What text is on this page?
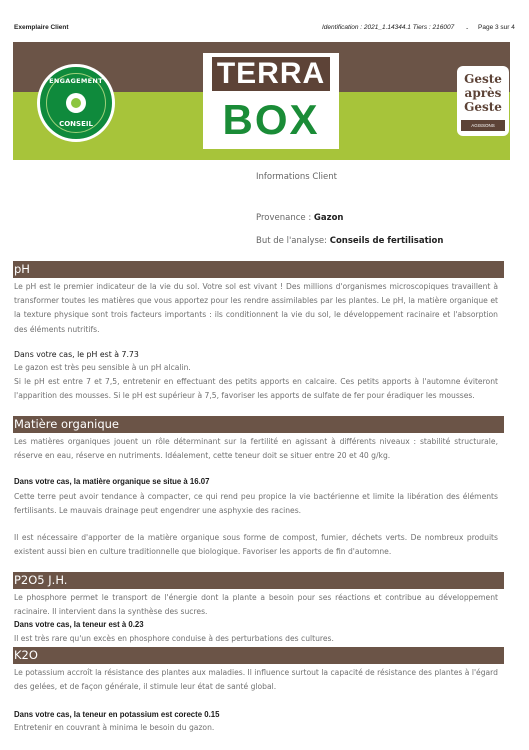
Exemplaire Client	Identification : 2021_1.14344.1 Tiers : 216007 - Page 3 sur 4
ENGAGEMENT
CONSEIL
TERRA
BOX
Geste
après
Geste
AGISSONS
Informations Client
Provenance : Gazon
But de l'analyse: Conseils de fertilisation
pH

Le pH est le premier indicateur de la vie du sol. Votre sol est vivant ! Des millions d'organismes microscopiques travaillent à transformer toutes les matières que vous apportez pour les rendre assimilables par les plantes. Le pH, la matière organique et la texture physique sont trois facteurs importants : ils conditionnent la vie du sol, le développement racinaire et l'absorption des éléments nutritifs.

Dans votre cas, le pH est à 7.73

Le gazon est très peu sensible à un pH alcalin.

Si le pH est entre 7 et 7,5, entretenir en effectuant des petits apports en calcaire. Ces petits apports à l'automne éviteront l'apparition des mousses. Si le pH est supérieur à 7,5, favoriser les apports de sulfate de fer pour éradiquer les mousses.

Matière organique

Les matières organiques jouent un rôle déterminant sur la fertilité en agissant à différents niveaux : stabilité structurale, réserve en eau, réserve en nutriments. Idéalement, cette teneur doit se situer entre 20 et 40 g/kg.

Dans votre cas, la matière organique se situe à 16.07

Cette terre peut avoir tendance à compacter, ce qui rend peu propice la vie bactérienne et limite la libération des éléments fertilisants. Le mauvais drainage peut engendrer une asphyxie des racines.

Il est nécessaire d'apporter de la matière organique sous forme de compost, fumier, déchets verts. De nombreux produits existent aussi bien en culture traditionnelle que biologique. Favoriser les apports de fin d'automne.

P2O5 J.H.

Le phosphore permet le transport de l'énergie dont la plante a besoin pour ses réactions et contribue au développement racinaire. Il intervient dans la synthèse des sucres.

Dans votre cas, la teneur est à 0.23

Il est très rare qu'un excès en phosphore conduise à des perturbations des cultures.

K2O

Le potassium accroît la résistance des plantes aux maladies. Il influence surtout la capacité de résistance des plantes à l'égard des gelées, et de façon générale, il stimule leur état de santé global.

Dans votre cas, la teneur en potassium est corecte 0.15

Entretenir en couvrant à minima le besoin du gazon.
